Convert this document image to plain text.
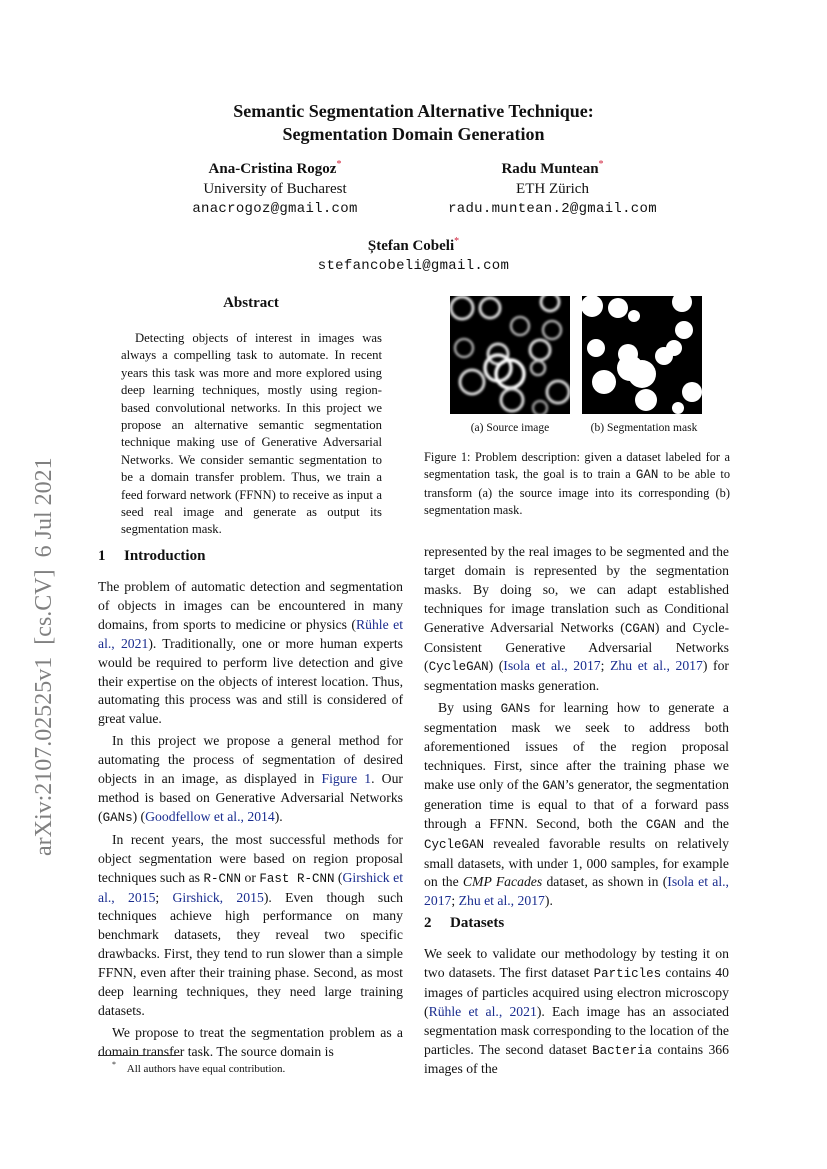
arXiv:2107.02525v1  [cs.CV]  6 Jul 2021
Semantic Segmentation Alternative Technique:
Segmentation Domain Generation
Ana-Cristina Rogoz*
University of Bucharest
anacrogoz@gmail.com
Radu Muntean*
ETH Zürich
radu.muntean.2@gmail.com
Ștefan Cobeli*
stefancobeli@gmail.com
Abstract

Detecting objects of interest in images was always a compelling task to automate. In recent years this task was more and more explored using deep learning techniques, mostly using region-based convolutional networks. In this project we propose an alternative semantic segmentation technique making use of Generative Adversarial Networks. We consider semantic segmentation to be a domain transfer problem. Thus, we train a feed forward network (FFNN) to receive as input a seed real image and generate as output its segmentation mask.

(a) Source image	(b) Segmentation mask

Figure 1: Problem description: given a dataset labeled for a segmentation task, the goal is to train a GAN to be able to transform (a) the source image into its corresponding (b) segmentation mask.

1 Introduction

The problem of automatic detection and segmentation of objects in images can be encountered in many domains, from sports to medicine or physics (Rühle et al., 2021). Traditionally, one or more human experts would be required to perform live detection and give their expertise on the objects of interest location. Thus, automating this process was and still is considered of great value.

In this project we propose a general method for automating the process of segmentation of desired objects in an image, as displayed in Figure 1. Our method is based on Generative Adversarial Networks (GANs) (Goodfellow et al., 2014).

In recent years, the most successful methods for object segmentation were based on region proposal techniques such as R-CNN or Fast R-CNN (Girshick et al., 2015; Girshick, 2015). Even though such techniques achieve high performance on many benchmark datasets, they reveal two specific drawbacks. First, they tend to run slower than a simple FFNN, even after their training phase. Second, as most deep learning techniques, they need large training datasets.

We propose to treat the segmentation problem as a domain transfer task. The source domain is

represented by the real images to be segmented and the target domain is represented by the segmentation masks. By doing so, we can adapt established techniques for image translation such as Conditional Generative Adversarial Networks (CGAN) and Cycle-Consistent Generative Adversarial Networks (CycleGAN) (Isola et al., 2017; Zhu et al., 2017) for segmentation masks generation.

By using GANs for learning how to generate a segmentation mask we seek to address both aforementioned issues of the region proposal techniques. First, since after the training phase we make use only of the GAN’s generator, the segmentation generation time is equal to that of a forward pass through a FFNN. Second, both the CGAN and the CycleGAN revealed favorable results on relatively small datasets, with under 1, 000 samples, for example on the CMP Facades dataset, as shown in (Isola et al., 2017; Zhu et al., 2017).

2 Datasets

We seek to validate our methodology by testing it on two datasets. The first dataset Particles contains 40 images of particles acquired using electron microscopy (Rühle et al., 2021). Each image has an associated segmentation mask corresponding to the location of the particles. The second dataset Bacteria contains 366 images of the

* All authors have equal contribution.
